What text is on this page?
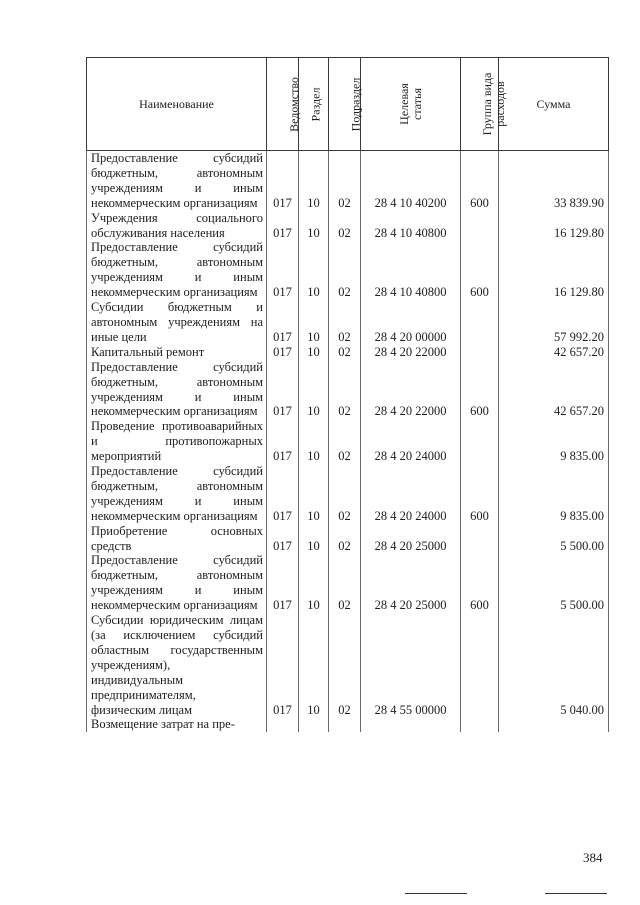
Наименование	Ведомство	Раздел	Подраздел	Целевая статья	Группа вида расходов	Сумма
Предоставление субсидий бюджетным, автономным учреждениям и иным некоммерческим организациям	017	10	02	28 4 10 40200	600	33 839.90
Учреждения социального обслуживания населения	017	10	02	28 4 10 40800		16 129.80
Предоставление субсидий бюджетным, автономным учреждениям и иным некоммерческим организациям	017	10	02	28 4 10 40800	600	16 129.80
Субсидии бюджетным и автономным учреждениям на иные цели	017	10	02	28 4 20 00000		57 992.20
Капитальный ремонт	017	10	02	28 4 20 22000		42 657.20
Предоставление субсидий бюджетным, автономным учреждениям и иным некоммерческим организациям	017	10	02	28 4 20 22000	600	42 657.20
Проведение противоаварийных и противопожарных мероприятий	017	10	02	28 4 20 24000		9 835.00
Предоставление субсидий бюджетным, автономным учреждениям и иным некоммерческим организациям	017	10	02	28 4 20 24000	600	9 835.00
Приобретение основных средств	017	10	02	28 4 20 25000		5 500.00
Предоставление субсидий бюджетным, автономным учреждениям и иным некоммерческим организациям	017	10	02	28 4 20 25000	600	5 500.00
Субсидии юридическим лицам (за исключением субсидий областным государственным учреждениям), индивидуальным предпринимателям, физическим лицам	017	10	02	28 4 55 00000		5 040.00
Возмещение затрат на пре-						
384
